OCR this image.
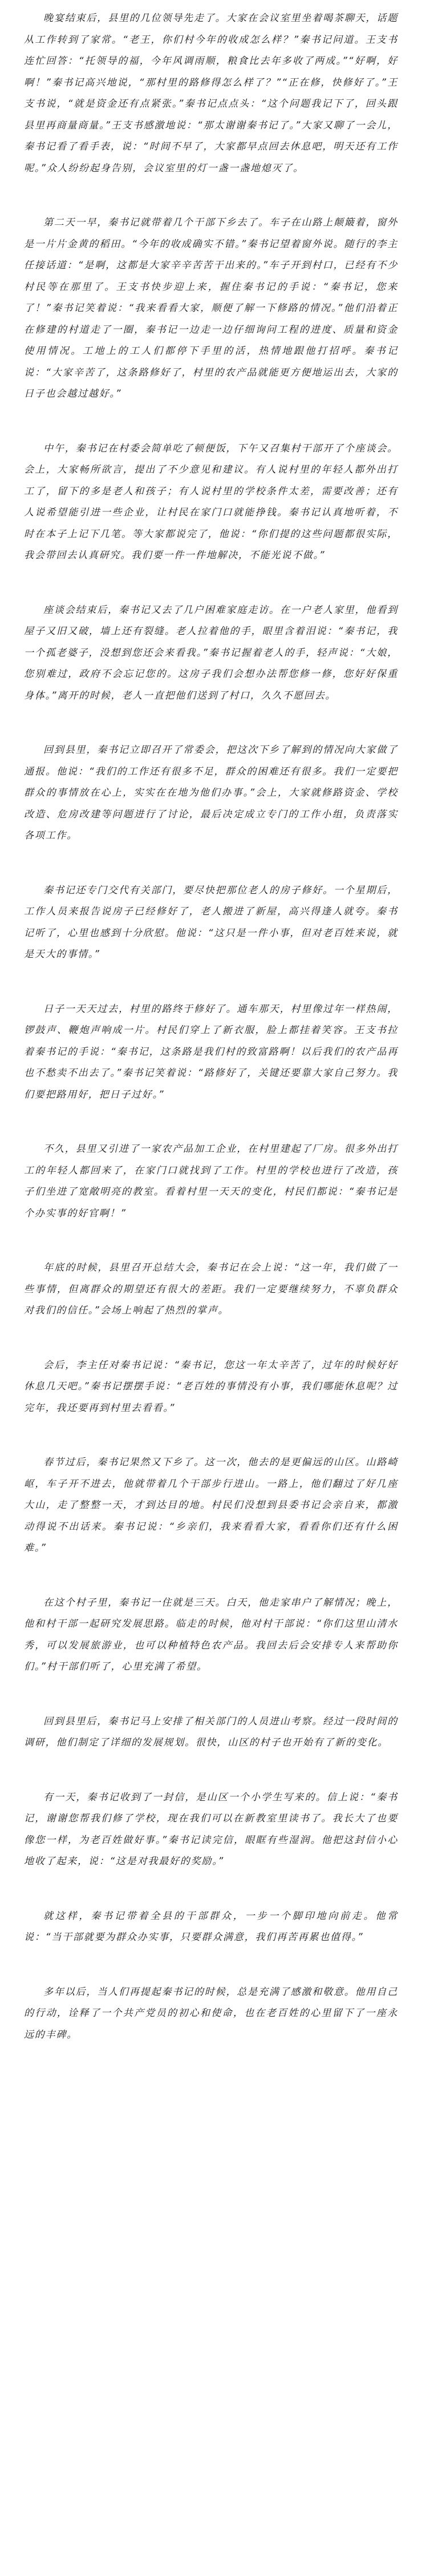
晚宴结束后，县里的几位领导先走了。大家在会议室里坐着喝茶聊天，话题从工作转到了家常。“老王，你们村今年的收成怎么样？”秦书记问道。王支书连忙回答：“托领导的福，今年风调雨顺，粮食比去年多收了两成。”“好啊，好啊！”秦书记高兴地说，“那村里的路修得怎么样了？”“正在修，快修好了。”王支书说，“就是资金还有点紧张。”秦书记点点头：“这个问题我记下了，回头跟县里再商量商量。”王支书感激地说：“那太谢谢秦书记了。”大家又聊了一会儿，秦书记看了看手表，说：“时间不早了，大家都早点回去休息吧，明天还有工作呢。”众人纷纷起身告别，会议室里的灯一盏一盏地熄灭了。

第二天一早，秦书记就带着几个干部下乡去了。车子在山路上颠簸着，窗外是一片片金黄的稻田。“今年的收成确实不错。”秦书记望着窗外说。随行的李主任接话道：“是啊，这都是大家辛辛苦苦干出来的。”车子开到村口，已经有不少村民等在那里了。王支书快步迎上来，握住秦书记的手说：“秦书记，您来了！”秦书记笑着说：“我来看看大家，顺便了解一下修路的情况。”他们沿着正在修建的村道走了一圈，秦书记一边走一边仔细询问工程的进度、质量和资金使用情况。工地上的工人们都停下手里的活，热情地跟他打招呼。秦书记说：“大家辛苦了，这条路修好了，村里的农产品就能更方便地运出去，大家的日子也会越过越好。”

中午，秦书记在村委会简单吃了顿便饭，下午又召集村干部开了个座谈会。会上，大家畅所欲言，提出了不少意见和建议。有人说村里的年轻人都外出打工了，留下的多是老人和孩子；有人说村里的学校条件太差，需要改善；还有人说希望能引进一些企业，让村民在家门口就能挣钱。秦书记认真地听着，不时在本子上记下几笔。等大家都说完了，他说：“你们提的这些问题都很实际，我会带回去认真研究。我们要一件一件地解决，不能光说不做。”

座谈会结束后，秦书记又去了几户困难家庭走访。在一户老人家里，他看到屋子又旧又破，墙上还有裂缝。老人拉着他的手，眼里含着泪说：“秦书记，我一个孤老婆子，没想到您还会来看我。”秦书记握着老人的手，轻声说：“大娘，您别难过，政府不会忘记您的。这房子我们会想办法帮您修一修，您好好保重身体。”离开的时候，老人一直把他们送到了村口，久久不愿回去。

回到县里，秦书记立即召开了常委会，把这次下乡了解到的情况向大家做了通报。他说：“我们的工作还有很多不足，群众的困难还有很多。我们一定要把群众的事情放在心上，实实在在地为他们办事。”会上，大家就修路资金、学校改造、危房改建等问题进行了讨论，最后决定成立专门的工作小组，负责落实各项工作。

秦书记还专门交代有关部门，要尽快把那位老人的房子修好。一个星期后，工作人员来报告说房子已经修好了，老人搬进了新屋，高兴得逢人就夸。秦书记听了，心里也感到十分欣慰。他说：“这只是一件小事，但对老百姓来说，就是天大的事情。”

日子一天天过去，村里的路终于修好了。通车那天，村里像过年一样热闹，锣鼓声、鞭炮声响成一片。村民们穿上了新衣服，脸上都挂着笑容。王支书拉着秦书记的手说：“秦书记，这条路是我们村的致富路啊！以后我们的农产品再也不愁卖不出去了。”秦书记笑着说：“路修好了，关键还要靠大家自己努力。我们要把路用好，把日子过好。”

不久，县里又引进了一家农产品加工企业，在村里建起了厂房。很多外出打工的年轻人都回来了，在家门口就找到了工作。村里的学校也进行了改造，孩子们坐进了宽敞明亮的教室。看着村里一天天的变化，村民们都说：“秦书记是个办实事的好官啊！”

年底的时候，县里召开总结大会，秦书记在会上说：“这一年，我们做了一些事情，但离群众的期望还有很大的差距。我们一定要继续努力，不辜负群众对我们的信任。”会场上响起了热烈的掌声。

会后，李主任对秦书记说：“秦书记，您这一年太辛苦了，过年的时候好好休息几天吧。”秦书记摆摆手说：“老百姓的事情没有小事，我们哪能休息呢？过完年，我还要再到村里去看看。”

春节过后，秦书记果然又下乡了。这一次，他去的是更偏远的山区。山路崎岖，车子开不进去，他就带着几个干部步行进山。一路上，他们翻过了好几座大山，走了整整一天，才到达目的地。村民们没想到县委书记会亲自来，都激动得说不出话来。秦书记说：“乡亲们，我来看看大家，看看你们还有什么困难。”

在这个村子里，秦书记一住就是三天。白天，他走家串户了解情况；晚上，他和村干部一起研究发展思路。临走的时候，他对村干部说：“你们这里山清水秀，可以发展旅游业，也可以种植特色农产品。我回去后会安排专人来帮助你们。”村干部们听了，心里充满了希望。

回到县里后，秦书记马上安排了相关部门的人员进山考察。经过一段时间的调研，他们制定了详细的发展规划。很快，山区的村子也开始有了新的变化。

有一天，秦书记收到了一封信，是山区一个小学生写来的。信上说：“秦书记，谢谢您帮我们修了学校，现在我们可以在新教室里读书了。我长大了也要像您一样，为老百姓做好事。”秦书记读完信，眼眶有些湿润。他把这封信小心地收了起来，说：“这是对我最好的奖励。”

就这样，秦书记带着全县的干部群众，一步一个脚印地向前走。他常说：“当干部就要为群众办实事，只要群众满意，我们再苦再累也值得。”

多年以后，当人们再提起秦书记的时候，总是充满了感激和敬意。他用自己的行动，诠释了一个共产党员的初心和使命，也在老百姓的心里留下了一座永远的丰碑。
